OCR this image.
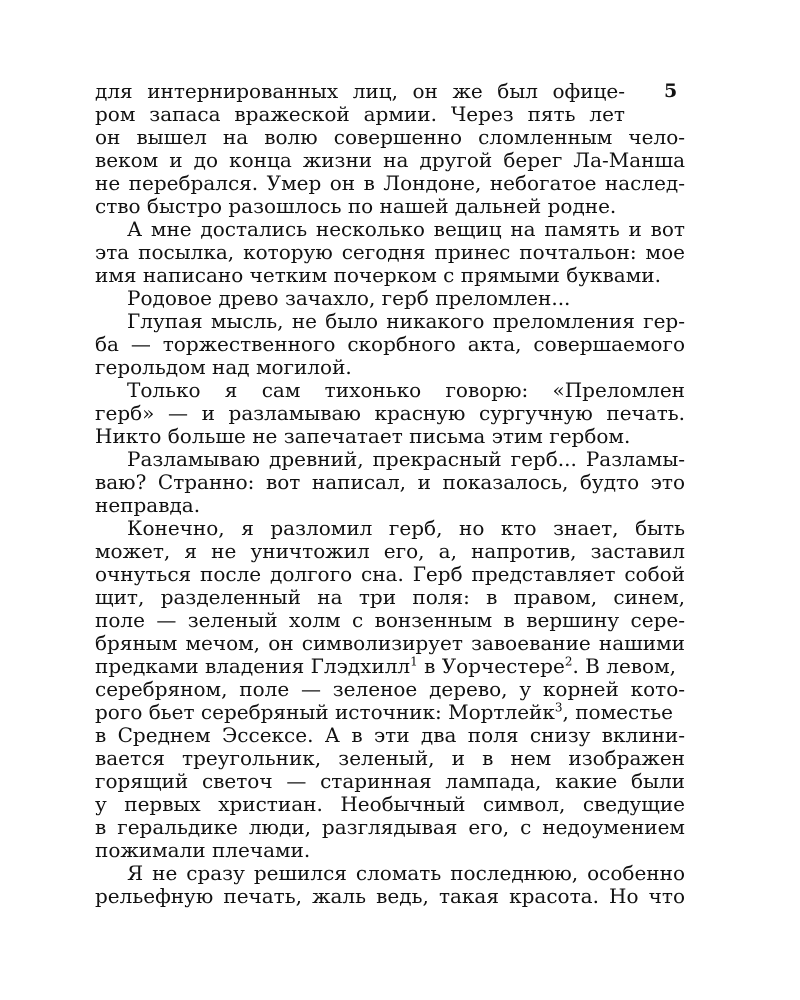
5
для интернированных лиц, он же был офице-
ром запаса вражеской армии. Через пять лет
он вышел на волю совершенно сломленным чело-
веком и до конца жизни на другой берег Ла-Манша
не перебрался. Умер он в Лондоне, небогатое наслед-
ство быстро разошлось по нашей дальней родне.
А мне достались несколько вещиц на память и вот
эта посылка, которую сегодня принес почтальон: мое
имя написано четким почерком с прямыми буквами.
Родовое древо зачахло, герб преломлен...
Глупая мысль, не было никакого преломления гер-
ба — торжественного скорбного акта, совершаемого
герольдом над могилой.
Только я сам тихонько говорю: «Преломлен
герб» — и разламываю красную сургучную печать.
Никто больше не запечатает письма этим гербом.
Разламываю древний, прекрасный герб... Разламы-
ваю? Странно: вот написал, и показалось, будто это
неправда.
Конечно, я разломил герб, но кто знает, быть
может, я не уничтожил его, а, напротив, заставил
очнуться после долгого сна. Герб представляет собой
щит, разделенный на три поля: в правом, синем,
поле — зеленый холм с вонзенным в вершину сере-
бряным мечом, он символизирует завоевание нашими
предками владения Глэдхилл$^1$ в Уорчестере$^2$. В левом,
серебряном, поле — зеленое дерево, у корней кото-
рого бьет серебряный источник: Мортлейк$^3$, поместье
в Среднем Эссексе. А в эти два поля снизу вклини-
вается треугольник, зеленый, и в нем изображен
горящий светоч — старинная лампада, какие были
у первых христиан. Необычный символ, сведущие
в геральдике люди, разглядывая его, с недоумением
пожимали плечами.
Я не сразу решился сломать последнюю, особенно
рельефную печать, жаль ведь, такая красота. Но что
